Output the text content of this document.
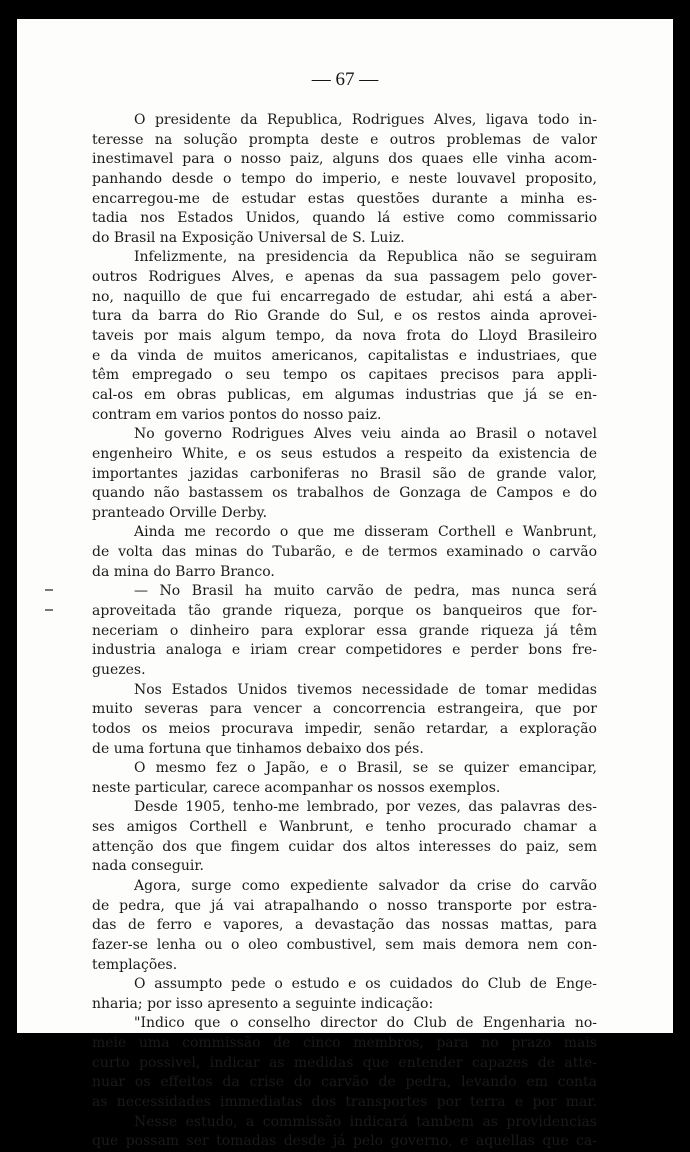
— 67 —
O presidente da Republica, Rodrigues Alves, ligava todo in-
teresse na solução prompta deste e outros problemas de valor
inestimavel para o nosso paiz, alguns dos quaes elle vinha acom-
panhando desde o tempo do imperio, e neste louvavel proposito,
encarregou-me de estudar estas questões durante a minha es-
tadia nos Estados Unidos, quando lá estive como commissario
do Brasil na Exposição Universal de S. Luiz.
Infelizmente, na presidencia da Republica não se seguiram
outros Rodrigues Alves, e apenas da sua passagem pelo gover-
no, naquillo de que fui encarregado de estudar, ahi está a aber-
tura da barra do Rio Grande do Sul, e os restos ainda aprovei-
taveis por mais algum tempo, da nova frota do Lloyd Brasileiro
e da vinda de muitos americanos, capitalistas e industriaes, que
têm empregado o seu tempo os capitaes precisos para appli-
cal-os em obras publicas, em algumas industrias que já se en-
contram em varios pontos do nosso paiz.
No governo Rodrigues Alves veiu ainda ao Brasil o notavel
engenheiro White, e os seus estudos a respeito da existencia de
importantes jazidas carboniferas no Brasil são de grande valor,
quando não bastassem os trabalhos de Gonzaga de Campos e do
pranteado Orville Derby.
Ainda me recordo o que me disseram Corthell e Wanbrunt,
de volta das minas do Tubarão, e de termos examinado o carvão
da mina do Barro Branco.
— No Brasil ha muito carvão de pedra, mas nunca será
aproveitada tão grande riqueza, porque os banqueiros que for-
neceriam o dinheiro para explorar essa grande riqueza já têm
industria analoga e iriam crear competidores e perder bons fre-
guezes.
Nos Estados Unidos tivemos necessidade de tomar medidas
muito severas para vencer a concorrencia estrangeira, que por
todos os meios procurava impedir, senão retardar, a exploração
de uma fortuna que tinhamos debaixo dos pés.
O mesmo fez o Japão, e o Brasil, se se quizer emancipar,
neste particular, carece acompanhar os nossos exemplos.
Desde 1905, tenho-me lembrado, por vezes, das palavras des-
ses amigos Corthell e Wanbrunt, e tenho procurado chamar a
attenção dos que fingem cuidar dos altos interesses do paiz, sem
nada conseguir.
Agora, surge como expediente salvador da crise do carvão
de pedra, que já vai atrapalhando o nosso transporte por estra-
das de ferro e vapores, a devastação das nossas mattas, para
fazer-se lenha ou o oleo combustivel, sem mais demora nem con-
templações.
O assumpto pede o estudo e os cuidados do Club de Enge-
nharia; por isso apresento a seguinte indicação:
"Indico que o conselho director do Club de Engenharia no-
meie uma commissão de cinco membros, para no prazo mais
curto possivel, indicar as medidas que entender capazes de atte-
nuar os effeitos da crise do carvão de pedra, levando em conta
as necessidades immediatas dos transportes por terra e por mar.
Nesse estudo, a commissão indicará tambem as providencias
que possam ser tomadas desde já pelo governo, e aquellas que ca-
